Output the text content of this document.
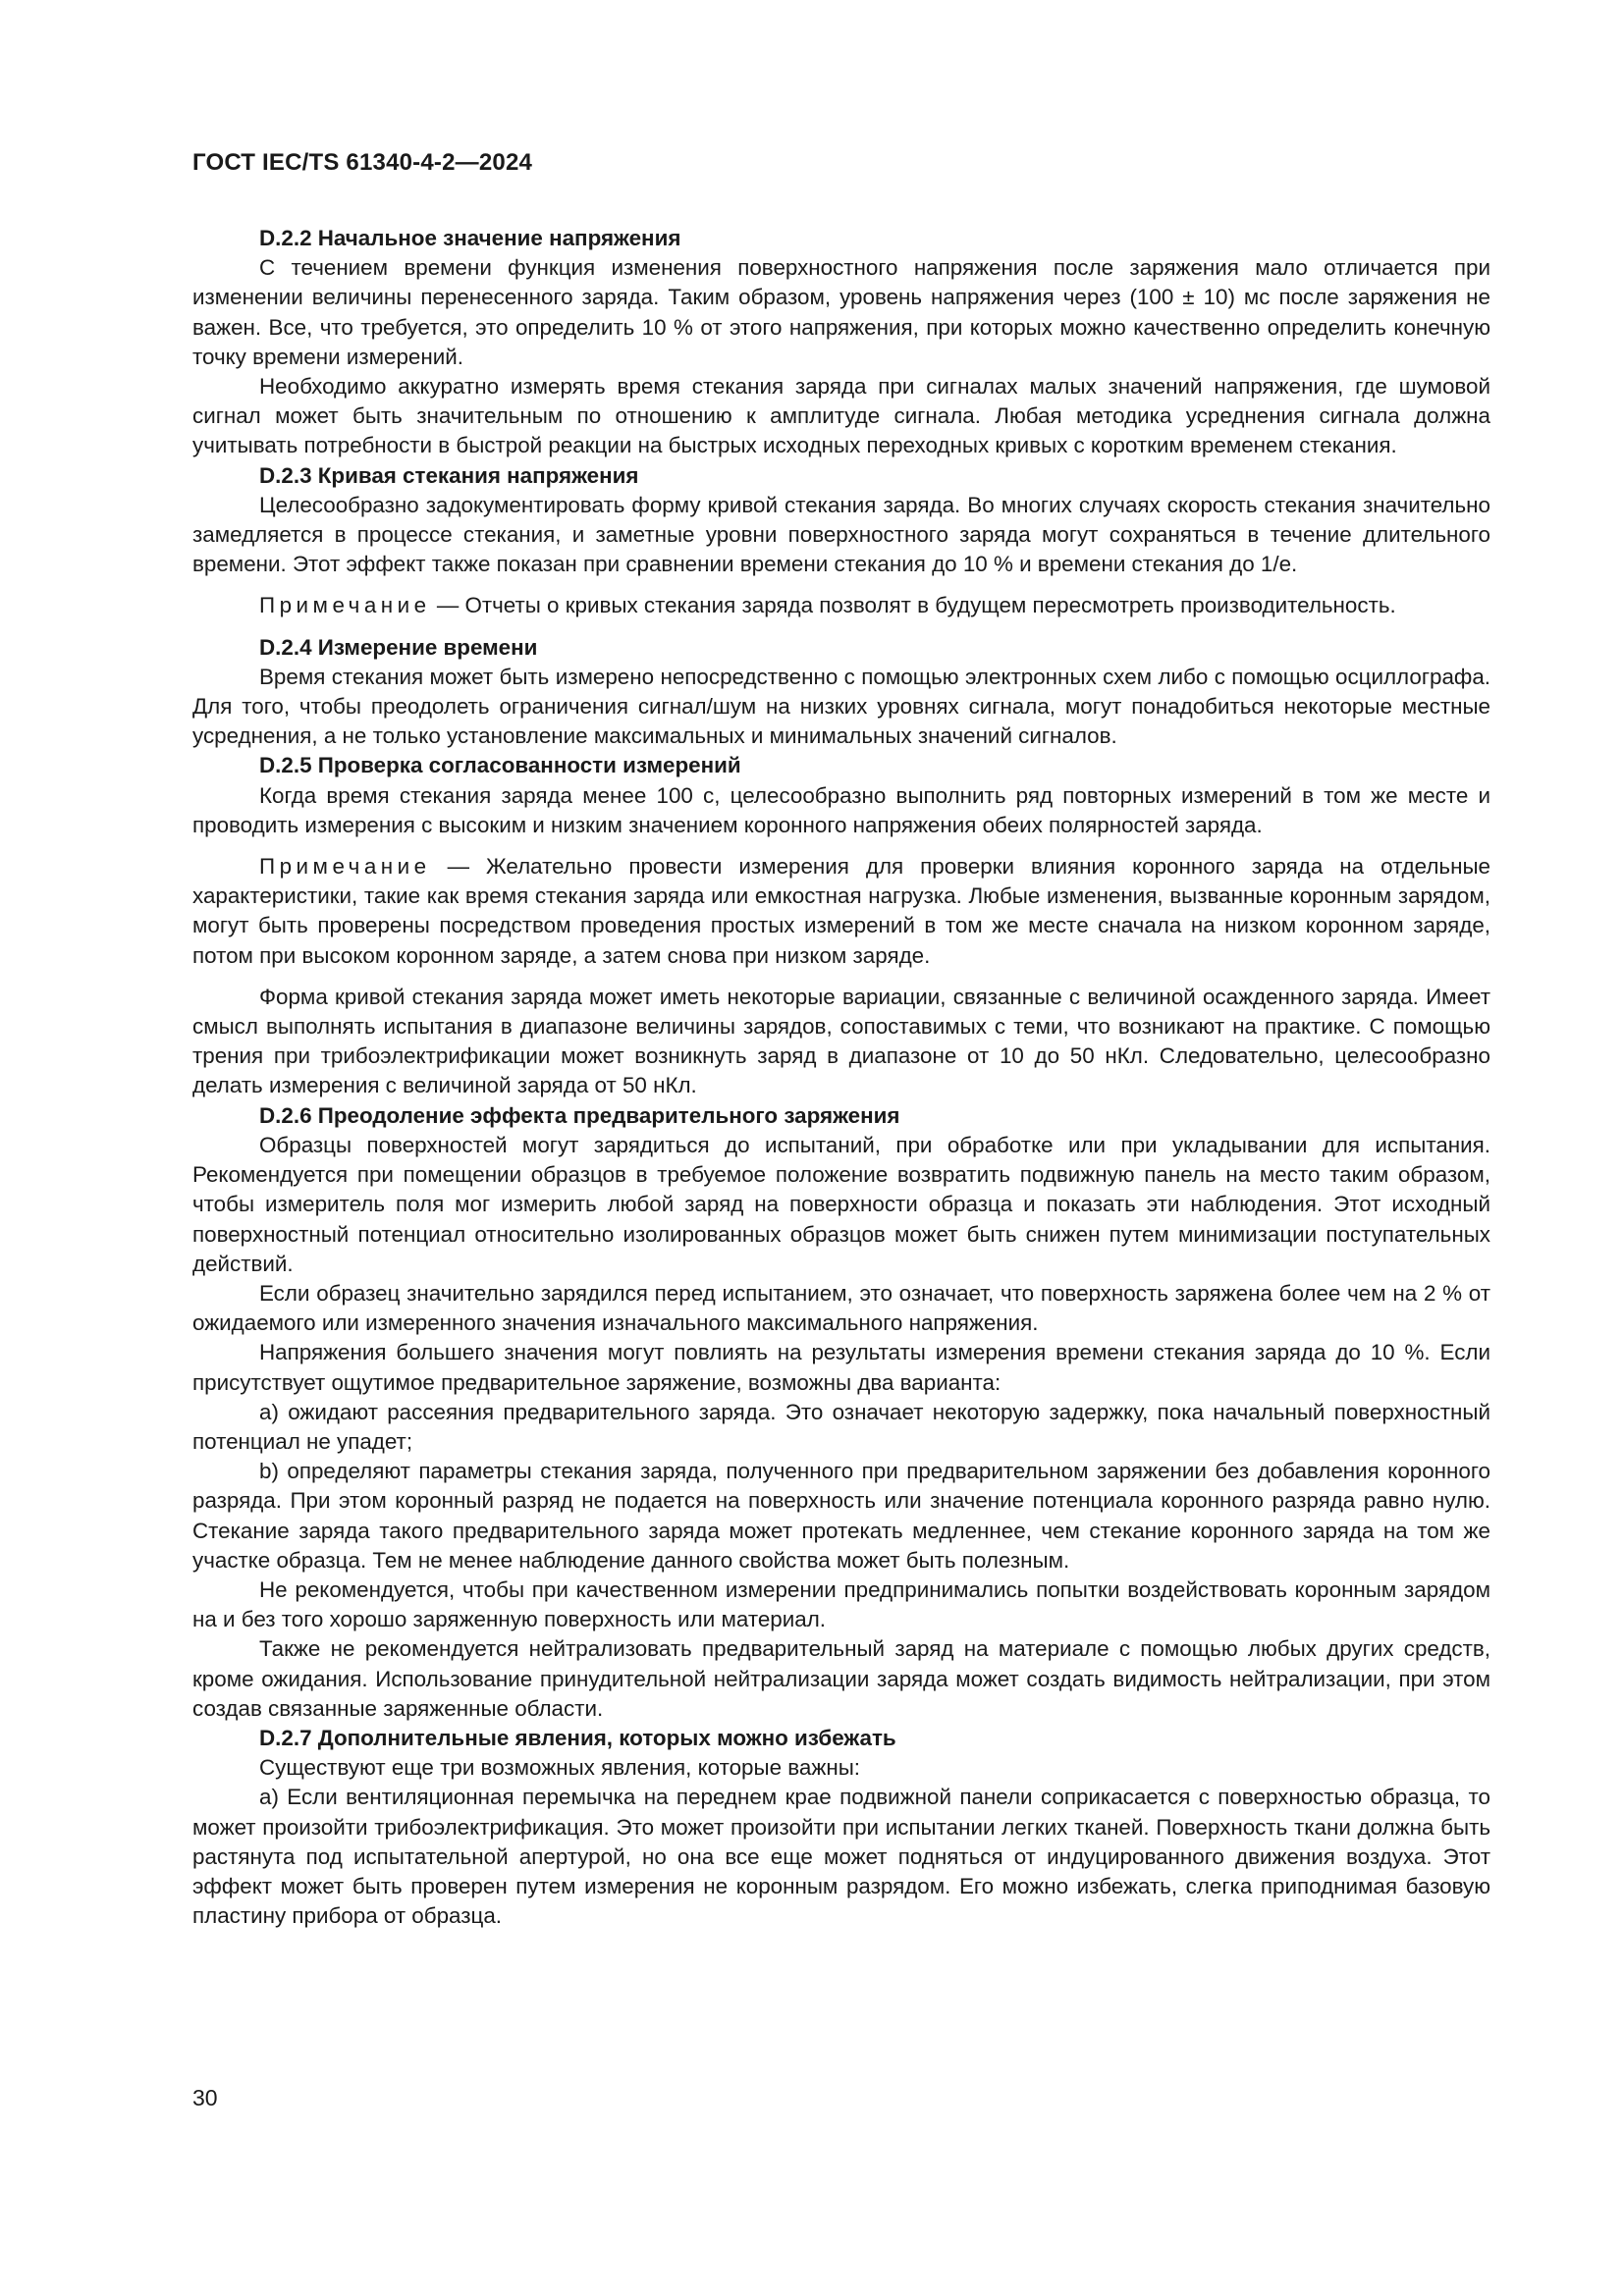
ГОСТ IEC/TS 61340-4-2—2024

D.2.2 Начальное значение напряжения

С течением времени функция изменения поверхностного напряжения после заряжения мало отличается при изменении величины перенесенного заряда. Таким образом, уровень напряжения через (100 ± 10) мс после заряжения не важен. Все, что требуется, это определить 10 % от этого напряжения, при которых можно качественно определить конечную точку времени измерений.

Необходимо аккуратно измерять время стекания заряда при сигналах малых значений напряжения, где шумовой сигнал может быть значительным по отношению к амплитуде сигнала. Любая методика усреднения сигнала должна учитывать потребности в быстрой реакции на быстрых исходных переходных кривых с коротким временем стекания.

D.2.3 Кривая стекания напряжения

Целесообразно задокументировать форму кривой стекания заряда. Во многих случаях скорость стекания значительно замедляется в процессе стекания, и заметные уровни поверхностного заряда могут сохраняться в течение длительного времени. Этот эффект также показан при сравнении времени стекания до 10 % и времени стекания до 1/e.

Примечание — Отчеты о кривых стекания заряда позволят в будущем пересмотреть производительность.

D.2.4 Измерение времени

Время стекания может быть измерено непосредственно с помощью электронных схем либо с помощью осциллографа. Для того, чтобы преодолеть ограничения сигнал/шум на низких уровнях сигнала, могут понадобиться некоторые местные усреднения, а не только установление максимальных и минимальных значений сигналов.

D.2.5 Проверка согласованности измерений

Когда время стекания заряда менее 100 с, целесообразно выполнить ряд повторных измерений в том же месте и проводить измерения с высоким и низким значением коронного напряжения обеих полярностей заряда.

Примечание — Желательно провести измерения для проверки влияния коронного заряда на отдельные характеристики, такие как время стекания заряда или емкостная нагрузка. Любые изменения, вызванные коронным зарядом, могут быть проверены посредством проведения простых измерений в том же месте сначала на низком коронном заряде, потом при высоком коронном заряде, а затем снова при низком заряде.

Форма кривой стекания заряда может иметь некоторые вариации, связанные с величиной осажденного заряда. Имеет смысл выполнять испытания в диапазоне величины зарядов, сопоставимых с теми, что возникают на практике. С помощью трения при трибоэлектрификации может возникнуть заряд в диапазоне от 10 до 50 нКл. Следовательно, целесообразно делать измерения с величиной заряда от 50 нКл.

D.2.6 Преодоление эффекта предварительного заряжения

Образцы поверхностей могут зарядиться до испытаний, при обработке или при укладывании для испытания. Рекомендуется при помещении образцов в требуемое положение возвратить подвижную панель на место таким образом, чтобы измеритель поля мог измерить любой заряд на поверхности образца и показать эти наблюдения. Этот исходный поверхностный потенциал относительно изолированных образцов может быть снижен путем минимизации поступательных действий.

Если образец значительно зарядился перед испытанием, это означает, что поверхность заряжена более чем на 2 % от ожидаемого или измеренного значения изначального максимального напряжения.

Напряжения большего значения могут повлиять на результаты измерения времени стекания заряда до 10 %. Если присутствует ощутимое предварительное заряжение, возможны два варианта:

a) ожидают рассеяния предварительного заряда. Это означает некоторую задержку, пока начальный поверхностный потенциал не упадет;

b) определяют параметры стекания заряда, полученного при предварительном заряжении без добавления коронного разряда. При этом коронный разряд не подается на поверхность или значение потенциала коронного разряда равно нулю. Стекание заряда такого предварительного заряда может протекать медленнее, чем стекание коронного заряда на том же участке образца. Тем не менее наблюдение данного свойства может быть полезным.

Не рекомендуется, чтобы при качественном измерении предпринимались попытки воздействовать коронным зарядом на и без того хорошо заряженную поверхность или материал.

Также не рекомендуется нейтрализовать предварительный заряд на материале с помощью любых других средств, кроме ожидания. Использование принудительной нейтрализации заряда может создать видимость нейтрализации, при этом создав связанные заряженные области.

D.2.7 Дополнительные явления, которых можно избежать

Существуют еще три возможных явления, которые важны:

a) Если вентиляционная перемычка на переднем крае подвижной панели соприкасается с поверхностью образца, то может произойти трибоэлектрификация. Это может произойти при испытании легких тканей. Поверхность ткани должна быть растянута под испытательной апертурой, но она все еще может подняться от индуцированного движения воздуха. Этот эффект может быть проверен путем измерения не коронным разрядом. Его можно избежать, слегка приподнимая базовую пластину прибора от образца.

30
